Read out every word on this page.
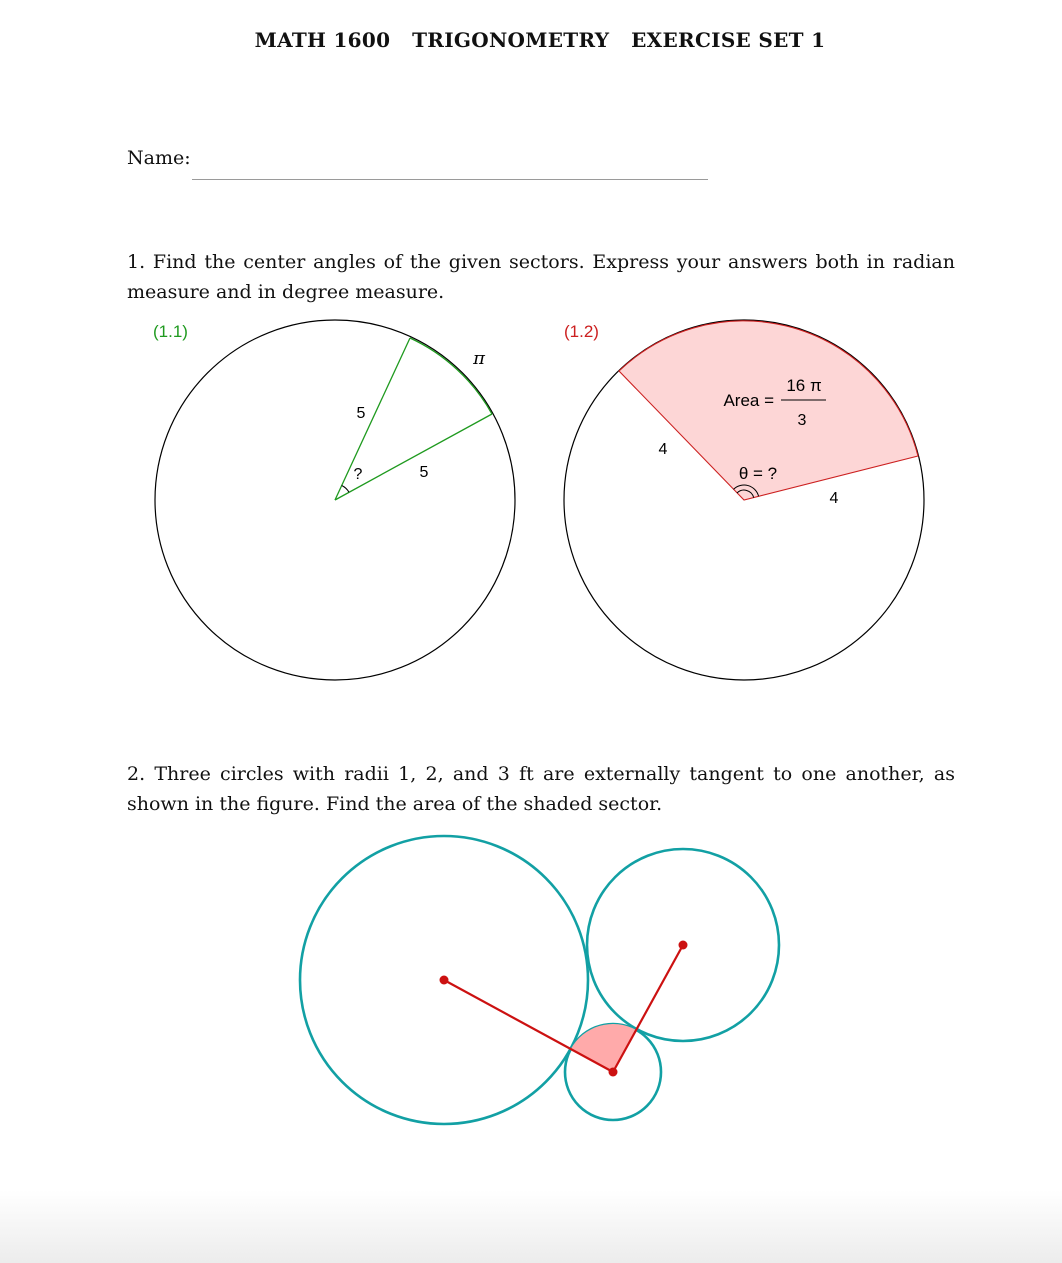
MATH 1600   TRIGONOMETRY   EXERCISE SET 1
Name:
1. Find the center angles of the given sectors. Express your answers both in radian measure and in degree measure.
2. Three circles with radii 1, 2, and 3 ft are externally tangent to one another, as shown in the figure. Find the area of the shaded sector.
(1.1)
5
5
?
π
(1.2)
Area =
16 π
3
θ = ?
4
4
